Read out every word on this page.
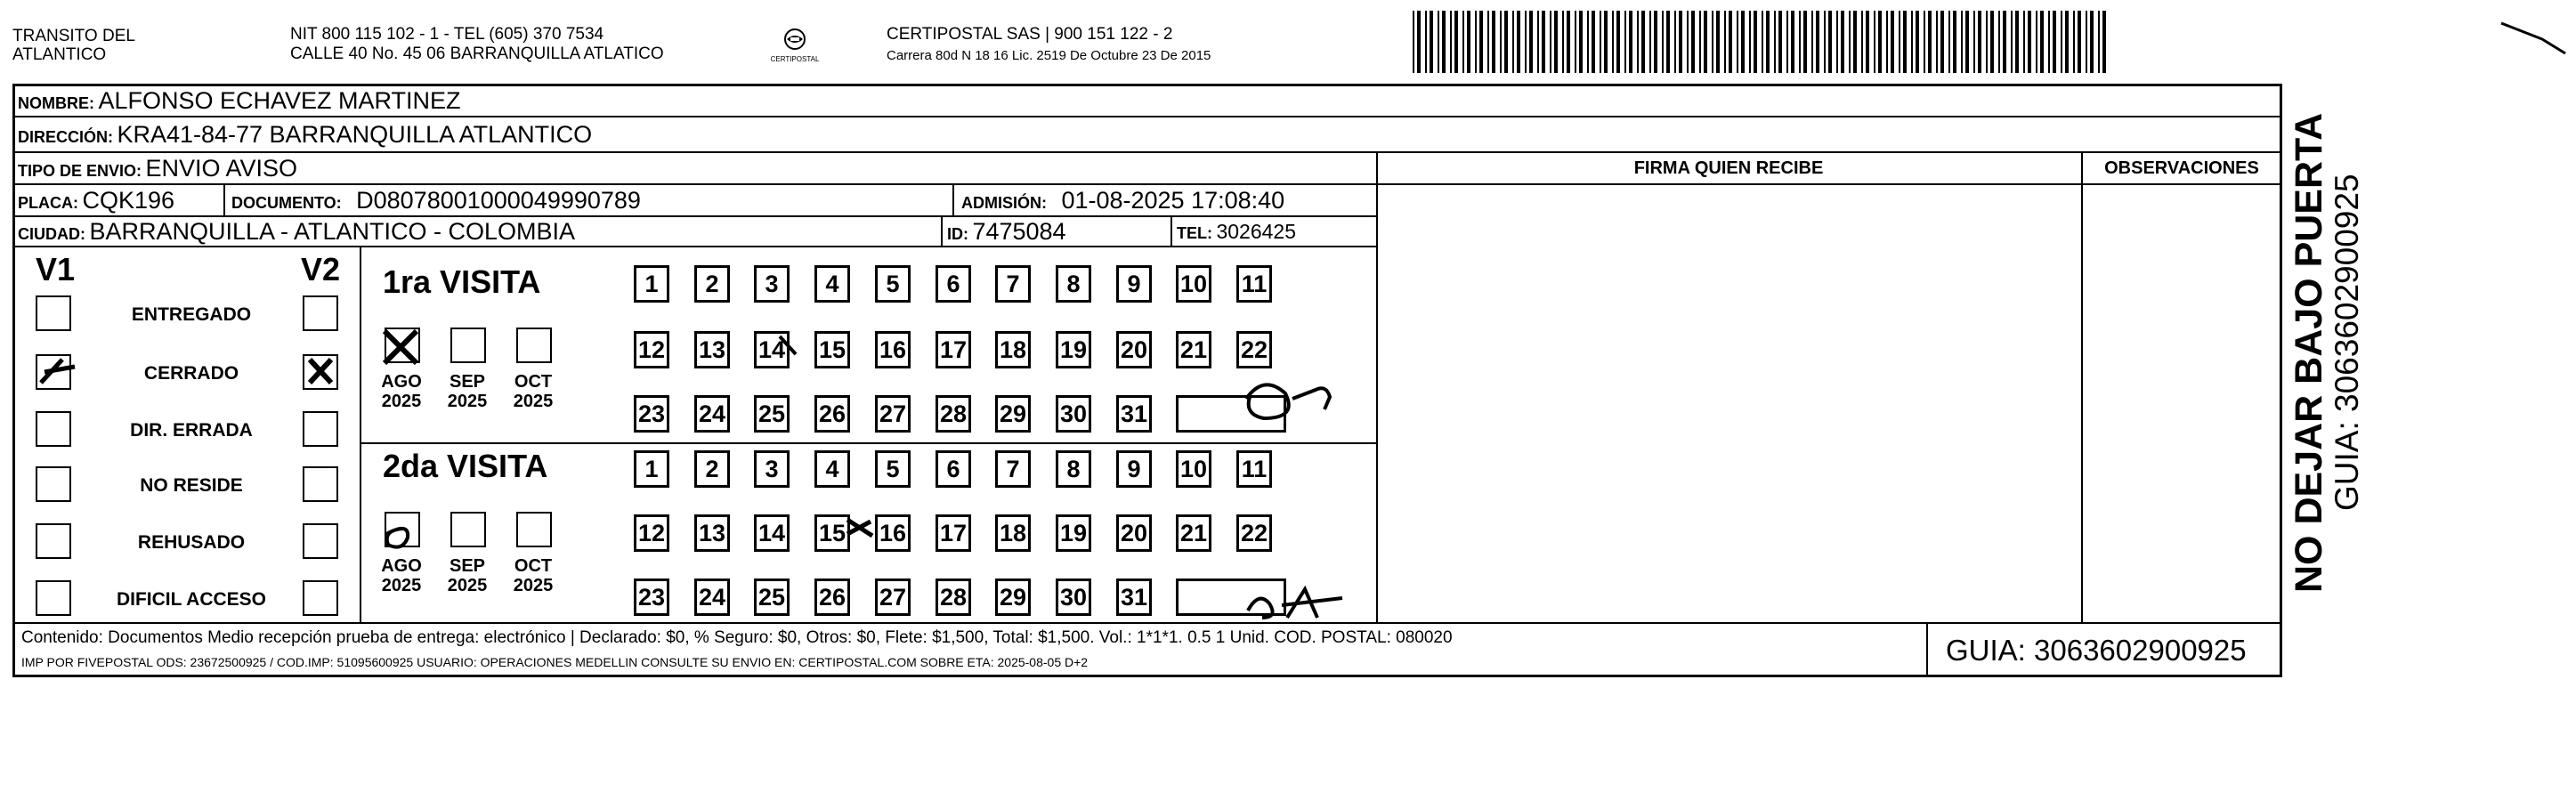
TRANSITO DEL
ATLANTICO
NIT 800 115 102 - 1 - TEL (605) 370 7534
CALLE 40 No. 45 06 BARRANQUILLA ATLATICO	CERTIPOSTAL
CERTIPOSTAL SAS | 900 151 122 - 2
Carrera 80d N 18 16 Lic. 2519 De Octubre 23 De 2015
NOMBRE: ALFONSO ECHAVEZ MARTINEZ
DIRECCIÓN: KRA41-84-77 BARRANQUILLA ATLANTICO
TIPO DE ENVIO: ENVIO AVISO	FIRMA QUIEN RECIBE	OBSERVACIONES
PLACA: CQK196	DOCUMENTO: D08078001000049990789	ADMISIÓN: 01-08-2025 17:08:40
CIUDAD: BARRANQUILLA - ATLANTICO - COLOMBIA	ID: 7475084	TEL: 3026425
V1	V2
ENTREGADO
CERRADO
DIR. ERRADA
NO RESIDE
REHUSADO
DIFICIL ACCESO
1ra VISITA
2da VISITA
AGO
2025
SEP
2025
OCT
2025
AGO
2025
SEP
2025
OCT
2025
1	2	3	4	5	6	7	8	9	10 11
12 13 14 15 16 17 18 19 20 21 22
23 24 25 26 27 28 29 30 31
1	2	3	4	5	6	7	8	9	10 11
12 13 14 15 16 17 18 19 20 21 22
23 24 25 26 27 28 29 30 31
Contenido: Documentos Medio recepción prueba de entrega: electrónico | Declarado: $0, % Seguro: $0, Otros: $0, Flete: $1,500, Total: $1,500. Vol.: 1*1*1. 0.5 1 Unid. COD. POSTAL: 080020
IMP POR FIVEPOSTAL ODS: 23672500925 / COD.IMP: 51095600925 USUARIO: OPERACIONES MEDELLIN CONSULTE SU ENVIO EN: CERTIPOSTAL.COM SOBRE ETA: 2025-08-05 D+2	GUIA: 3063602900925
NO DEJAR BAJO PUERTA
GUIA: 3063602900925
